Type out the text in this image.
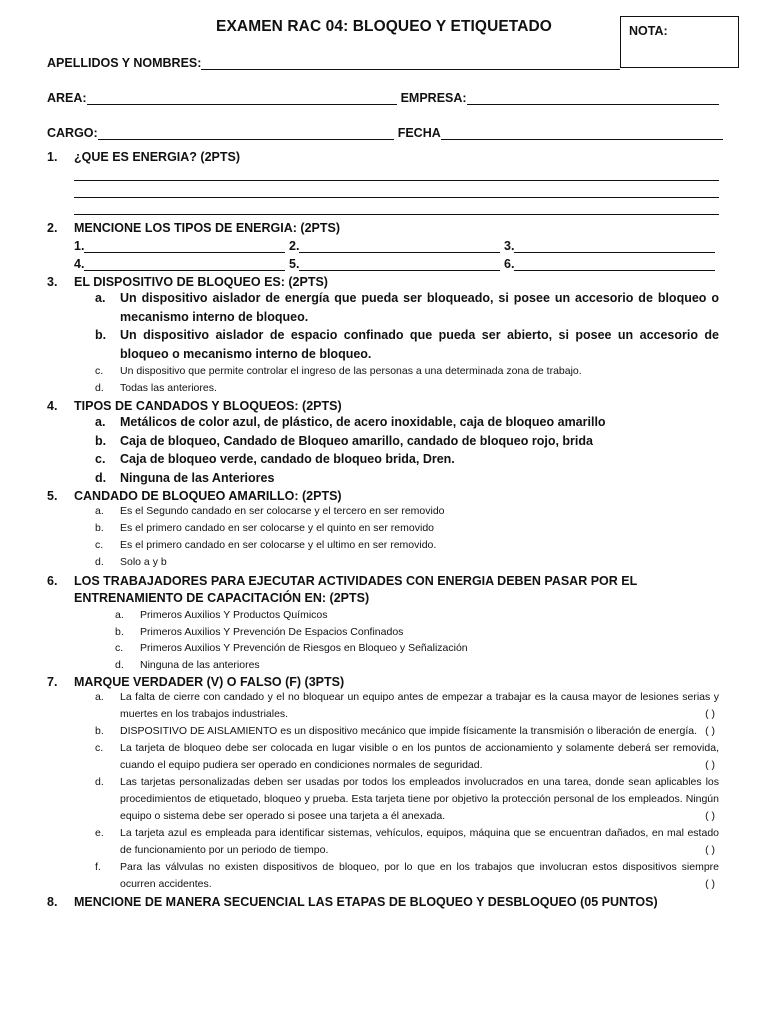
EXAMEN RAC 04: BLOQUEO Y ETIQUETADO	NOTA:
APELLIDOS Y NOMBRES:
AREA:	EMPRESA:
CARGO:	FECHA
1.	¿QUE ES ENERGIA? (2PTS)
2.	MENCIONE LOS TIPOS DE ENERGIA: (2PTS)
1.	2.	3.
4.	5.	6.
3.	EL DISPOSITIVO DE BLOQUEO ES: (2PTS)
a.	Un dispositivo aislador de energía que pueda ser bloqueado, si posee un accesorio de bloqueo o mecanismo interno de bloqueo.
b.	Un dispositivo aislador de espacio confinado que pueda ser abierto, si posee un accesorio de bloqueo o mecanismo interno de bloqueo.
c.	Un dispositivo que permite controlar el ingreso de las personas a una determinada zona de trabajo.
d.	Todas las anteriores.
4.	TIPOS DE CANDADOS Y BLOQUEOS: (2PTS)
a.	Metálicos de color azul, de plástico, de acero inoxidable, caja de bloqueo amarillo
b.	Caja de bloqueo, Candado de Bloqueo amarillo, candado de bloqueo rojo, brida
c.	Caja de bloqueo verde, candado de bloqueo brida, Dren.
d.	Ninguna de las Anteriores
5.	CANDADO DE BLOQUEO AMARILLO: (2PTS)
a.	Es el Segundo candado en ser colocarse y el tercero en ser removido
b.	Es el primero candado en ser colocarse y el quinto en ser removido
c.	Es el primero candado en ser colocarse y el ultimo en ser removido.
d.	Solo a y b
6.	LOS TRABAJADORES PARA EJECUTAR ACTIVIDADES CON ENERGIA DEBEN PASAR POR EL ENTRENAMIENTO DE CAPACITACIÓN EN: (2PTS)
a.	Primeros Auxilios Y Productos Químicos
b.	Primeros Auxilios Y Prevención De Espacios Confinados
c.	Primeros Auxilios Y Prevención de Riesgos en Bloqueo y Señalización
d.	Ninguna de las anteriores
7.	MARQUE VERDADER (V) O FALSO (F) (3PTS)
a.	La falta de cierre con candado y el no bloquear un equipo antes de empezar a trabajar es la causa mayor de lesiones serias y muertes en los trabajos industriales.	( )
b.	DISPOSITIVO DE AISLAMIENTO es un dispositivo mecánico que impide físicamente la transmisión o liberación de energía. ( )
c.	La tarjeta de bloqueo debe ser colocada en lugar visible o en los puntos de accionamiento y solamente deberá ser removida, cuando el equipo pudiera ser operado en condiciones normales de seguridad.	( )
d.	Las tarjetas personalizadas deben ser usadas por todos los empleados involucrados en una tarea, donde sean aplicables los procedimientos de etiquetado, bloqueo y prueba. Esta tarjeta tiene por objetivo la protección personal de los empleados. Ningún equipo o sistema debe ser operado si posee una tarjeta a él anexada.	( )
e.	La tarjeta azul es empleada para identificar sistemas, vehículos, equipos, máquina que se encuentran dañados, en mal estado de funcionamiento por un periodo de tiempo.	( )
f.	Para las válvulas no existen dispositivos de bloqueo, por lo que en los trabajos que involucran estos dispositivos siempre ocurren accidentes.	( )
8.	MENCIONE DE MANERA SECUENCIAL LAS ETAPAS DE BLOQUEO Y DESBLOQUEO (05 PUNTOS)
